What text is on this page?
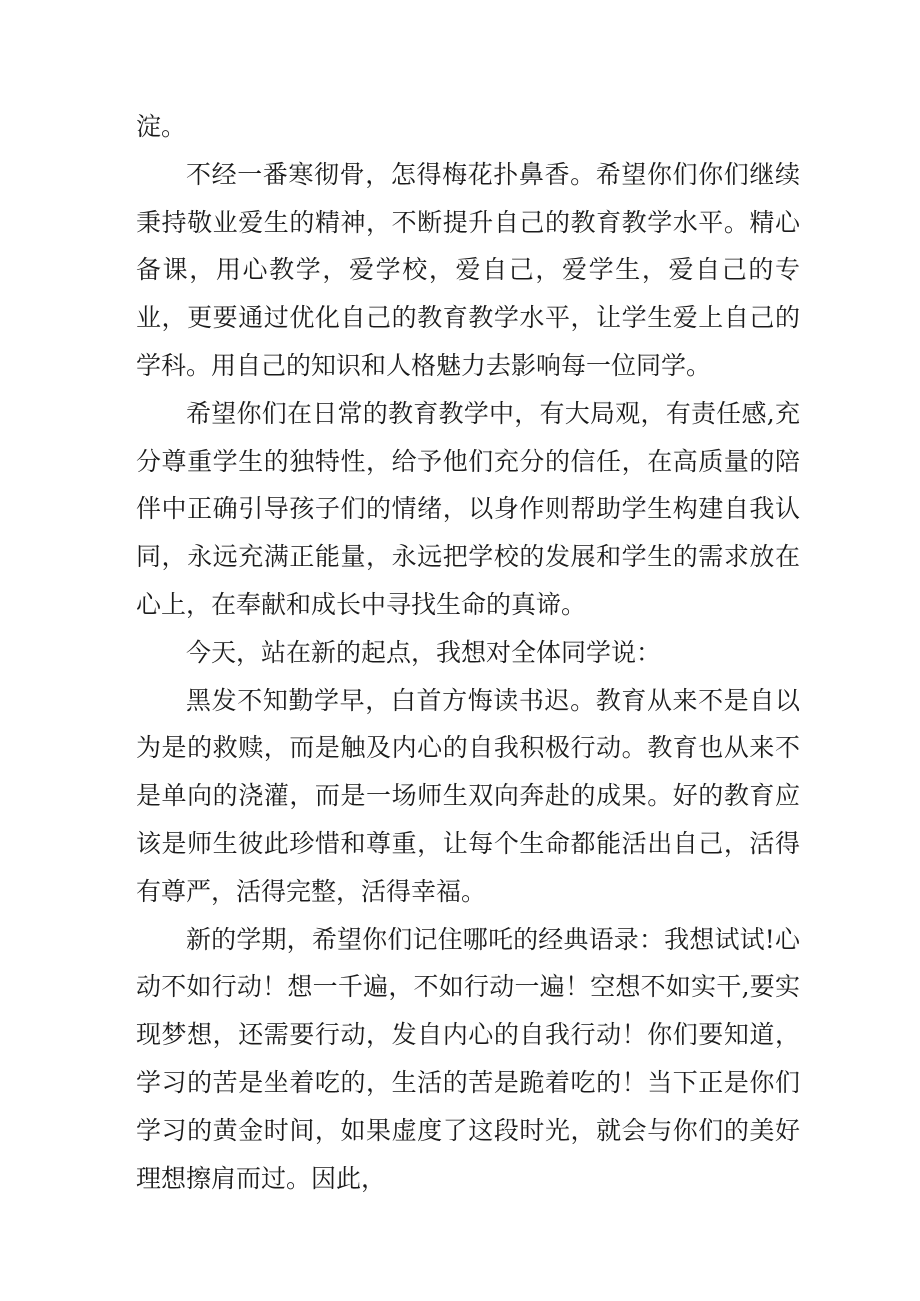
淀。

不经一番寒彻骨，怎得梅花扑鼻香。希望你们你们继续秉持敬业爱生的精神，不断提升自己的教育教学水平。精心备课，用心教学，爱学校，爱自己，爱学生，爱自己的专业，更要通过优化自己的教育教学水平，让学生爱上自己的学科。用自己的知识和人格魅力去影响每一位同学。

希望你们在日常的教育教学中，有大局观，有责任感,充分尊重学生的独特性，给予他们充分的信任，在高质量的陪伴中正确引导孩子们的情绪，以身作则帮助学生构建自我认同，永远充满正能量，永远把学校的发展和学生的需求放在心上，在奉献和成长中寻找生命的真谛。

今天，站在新的起点，我想对全体同学说：

黑发不知勤学早，白首方悔读书迟。教育从来不是自以为是的救赎，而是触及内心的自我积极行动。教育也从来不是单向的浇灌，而是一场师生双向奔赴的成果。好的教育应该是师生彼此珍惜和尊重，让每个生命都能活出自己，活得有尊严，活得完整，活得幸福。

新的学期，希望你们记住哪吒的经典语录：我想试试!心动不如行动！想一千遍，不如行动一遍！空想不如实干,要实现梦想，还需要行动，发自内心的自我行动！你们要知道，学习的苦是坐着吃的，生活的苦是跪着吃的！当下正是你们学习的黄金时间，如果虚度了这段时光，就会与你们的美好理想擦肩而过。因此，
